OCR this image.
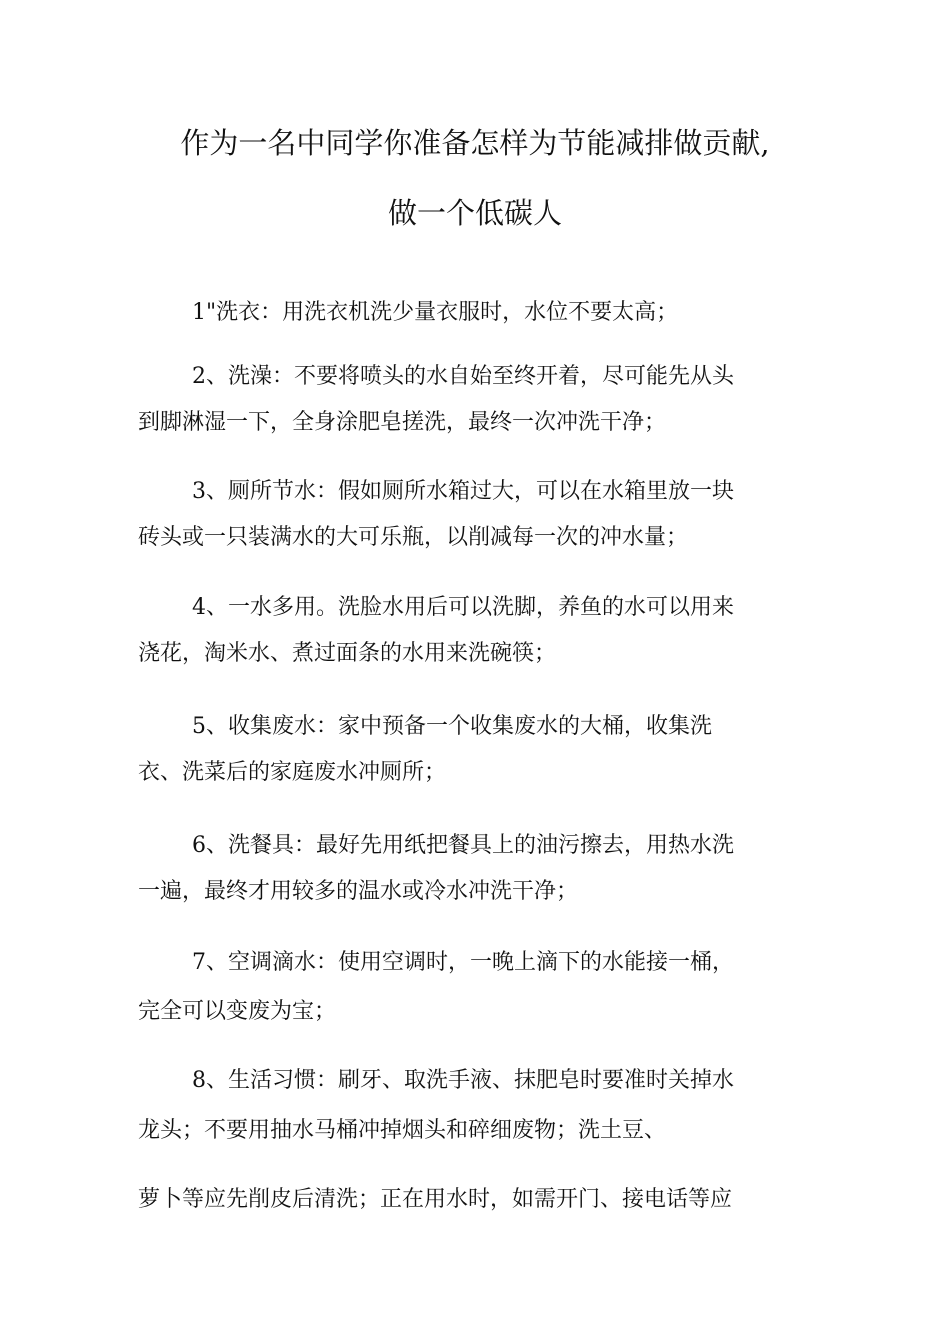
作为一名中同学你准备怎样为节能减排做贡献,
做一个低碳人
1"洗衣：用洗衣机洗少量衣服时，水位不要太高；
2、洗澡：不要将喷头的水自始至终开着，尽可能先从头
到脚淋湿一下，全身涂肥皂搓洗，最终一次冲洗干净；
3、厕所节水：假如厕所水箱过大，可以在水箱里放一块
砖头或一只装满水的大可乐瓶，以削减每一次的冲水量；
4、一水多用。洗脸水用后可以洗脚，养鱼的水可以用来
浇花，淘米水、煮过面条的水用来洗碗筷；
5、收集废水：家中预备一个收集废水的大桶，收集洗
衣、洗菜后的家庭废水冲厕所；
6、洗餐具：最好先用纸把餐具上的油污擦去，用热水洗
一遍，最终才用较多的温水或冷水冲洗干净；
7、空调滴水：使用空调时，一晚上滴下的水能接一桶，
完全可以变废为宝；
8、生活习惯：刷牙、取洗手液、抹肥皂时要准时关掉水
龙头；不要用抽水马桶冲掉烟头和碎细废物；洗土豆、
萝卜等应先削皮后清洗；正在用水时，如需开门、接电话等应
